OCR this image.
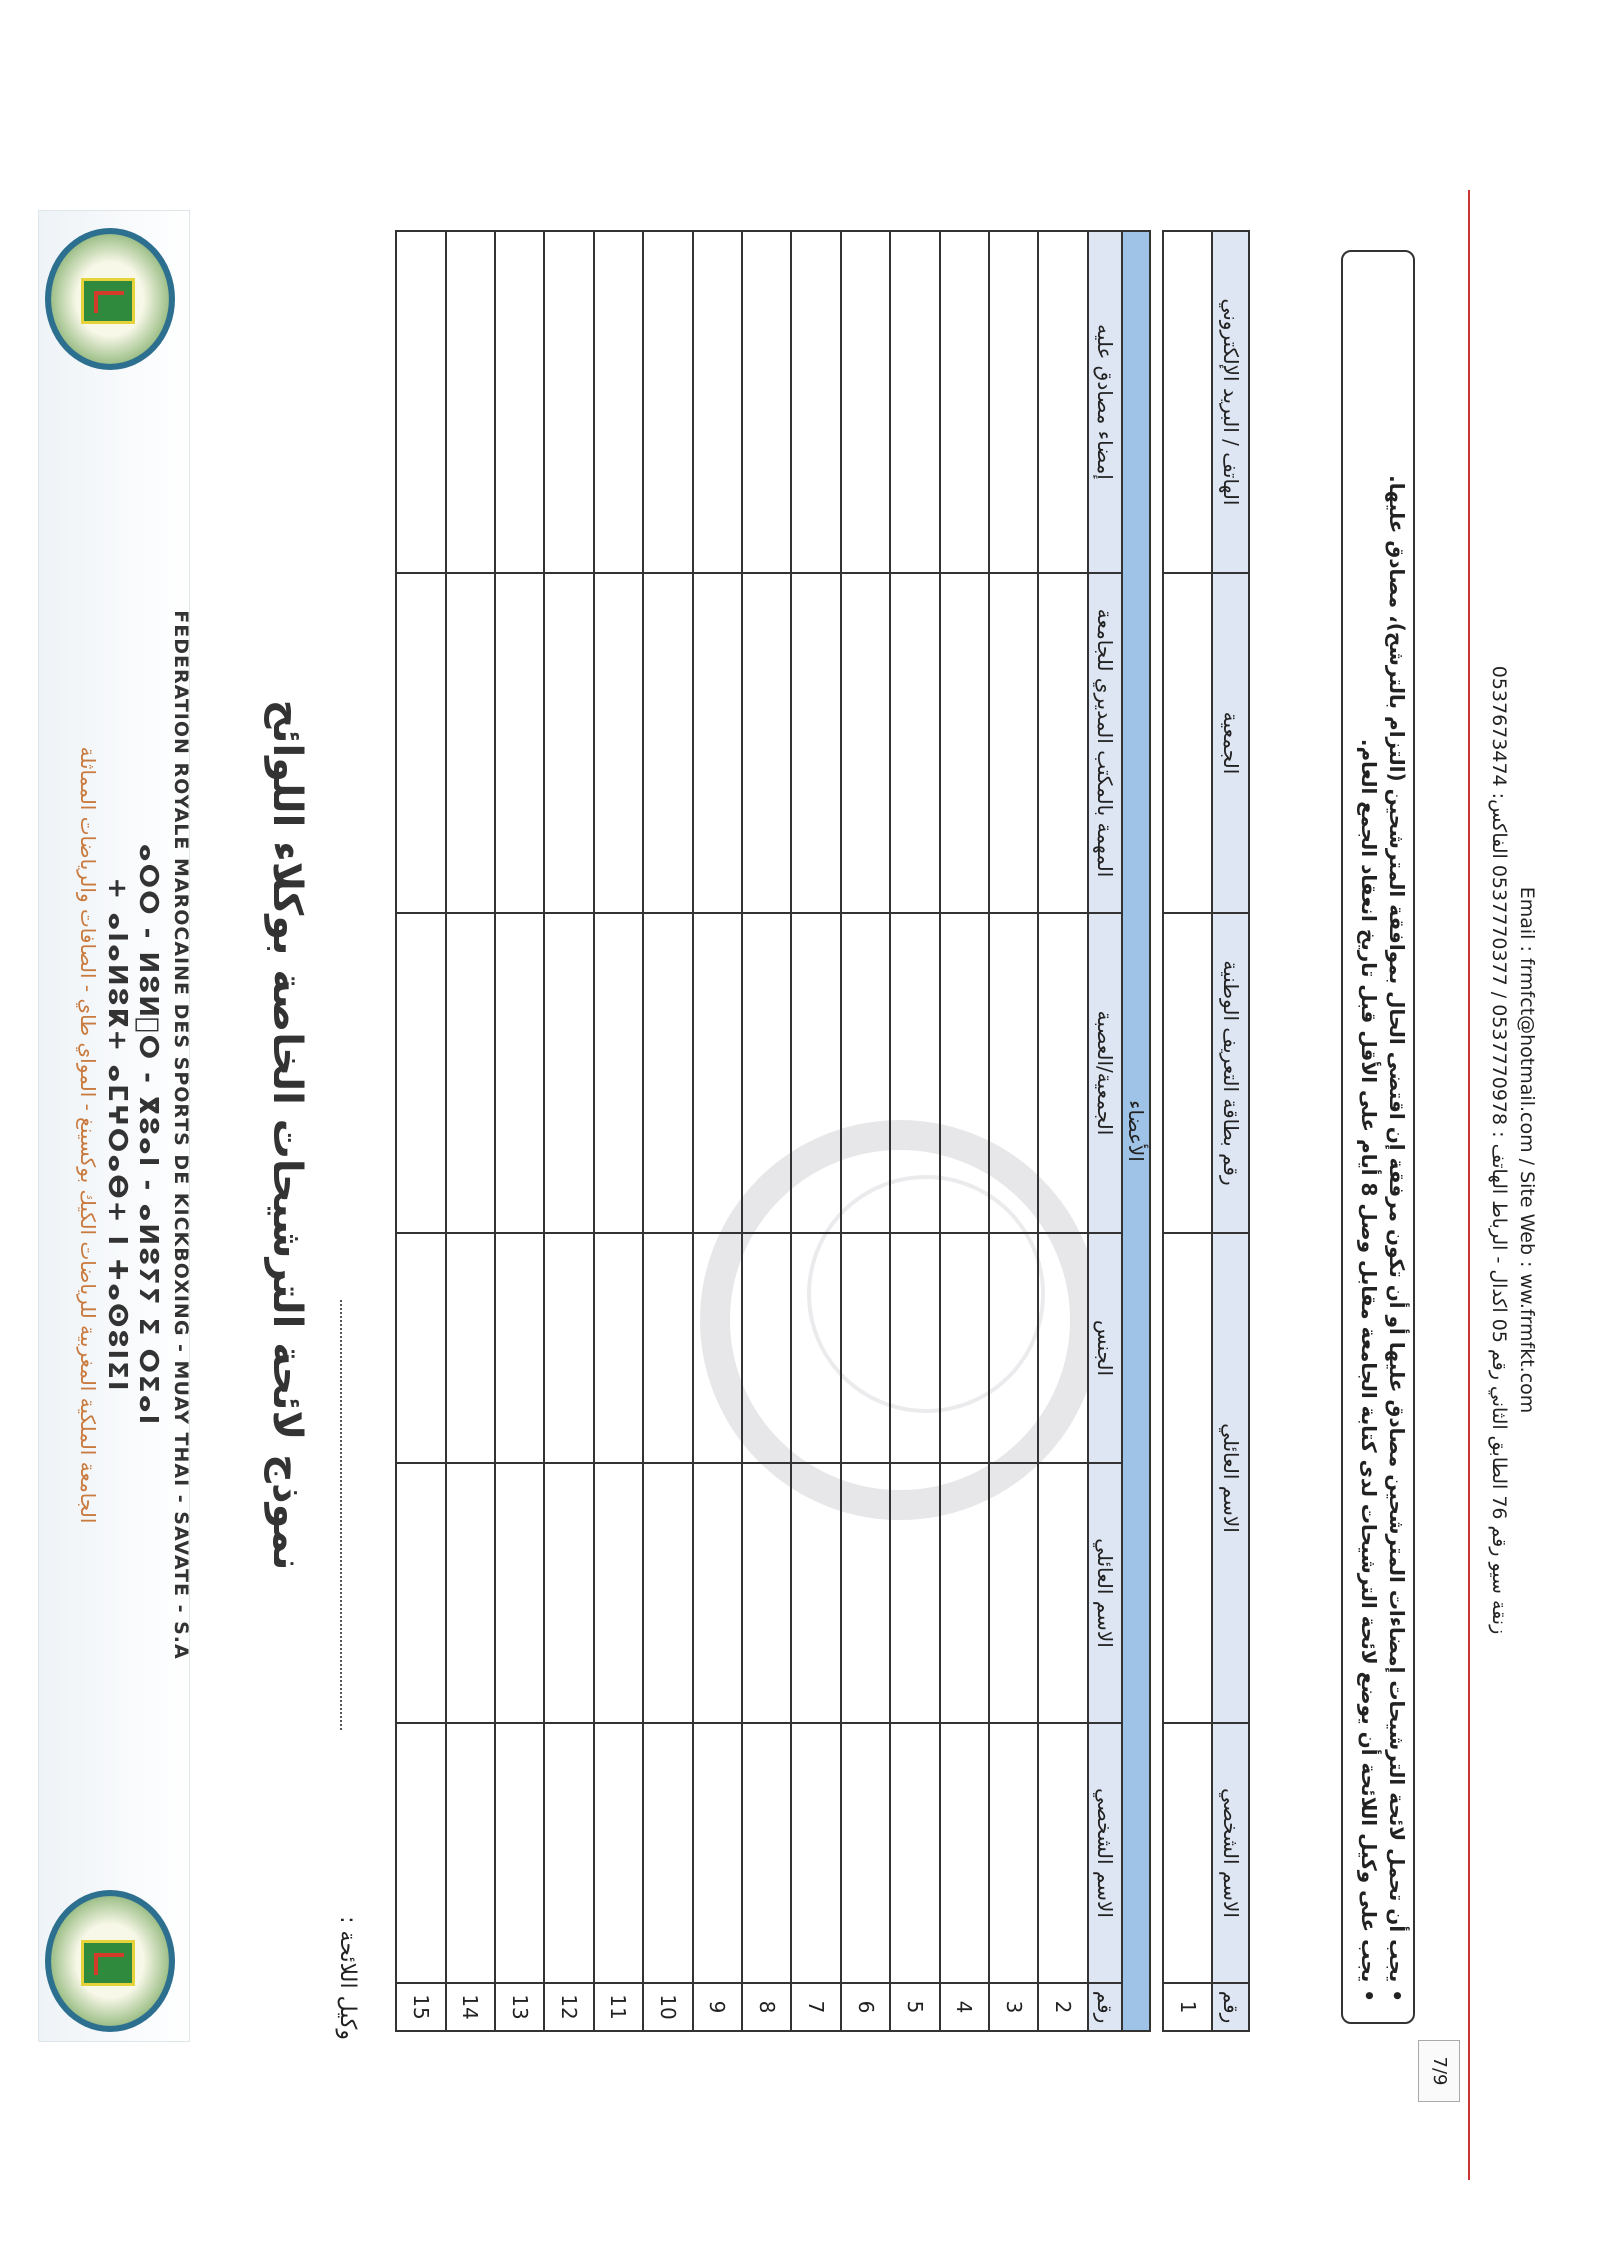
الجامعة الملكية المغربية للرياضات الكيك بوكسينغ - المواي طاي - الصافات والرياضات المماثلة + ⴰⵏⴰⵍⵓⴽ+ ⴰⵎⵖⵔⴰⴱ+ ⵏ ⵜⴰⵙⵓⵏⵉⵏ ⴰⵔⵔ - ⵍⵓⵍ⵿ⵔ - ⴳⵓⴰⵏ - ⴰⵍⵓⵢⵢ ⵉ ⵔⵉⴰⵏ FEDERATION ROYALE MAROCAINE DES SPORTS DE KICKBOXING - MUAY THAI - SAVATE - S.A نموذج لائحة الترشيحات الخاصة بوكلاء اللوائح
وكيل اللائحة :	رقم	الاسم الشخصي	الاسم العائلي		رقم بطاقة التعريف الوطنية	الجمعية	الهاتف / البريد الإلكتروني
1						

الأعضاء						
رقم	الاسم الشخصي	الاسم العائلي	الجنس	الجمعية/العصبة	المهمة بالمكتب المديري للجامعة	إمضاء مصادق عليه
2						
3						
4						
5						
6						
7						
8						
9						
10						
11						
12						
13						
14						
15						
• يجب أن تحمل لائحة الترشيحات إمضاءات المترشحين مصادق عليها أو أن تكون مرفقة إن اقتضى الحال بموافقة المترشحين (التزام بالترشح)، مصادق عليها.
• يجب على وكيل اللائحة أن يوضع لائحة الترشيحات لدى كتابة الجامعة مقابل وصل 8 أيام على الأقل قبل تاريخ انعقاد الجمع العام.
زنقة سيو رقم 76 الطابق الثاني رقم 05 اكدال - الرباط الهاتف : 0537770978 / 0537770377 الفاكس: 0537673474
Email : frmfct@hotmail.com / Site Web : ww.frmfkt.com
7/9
